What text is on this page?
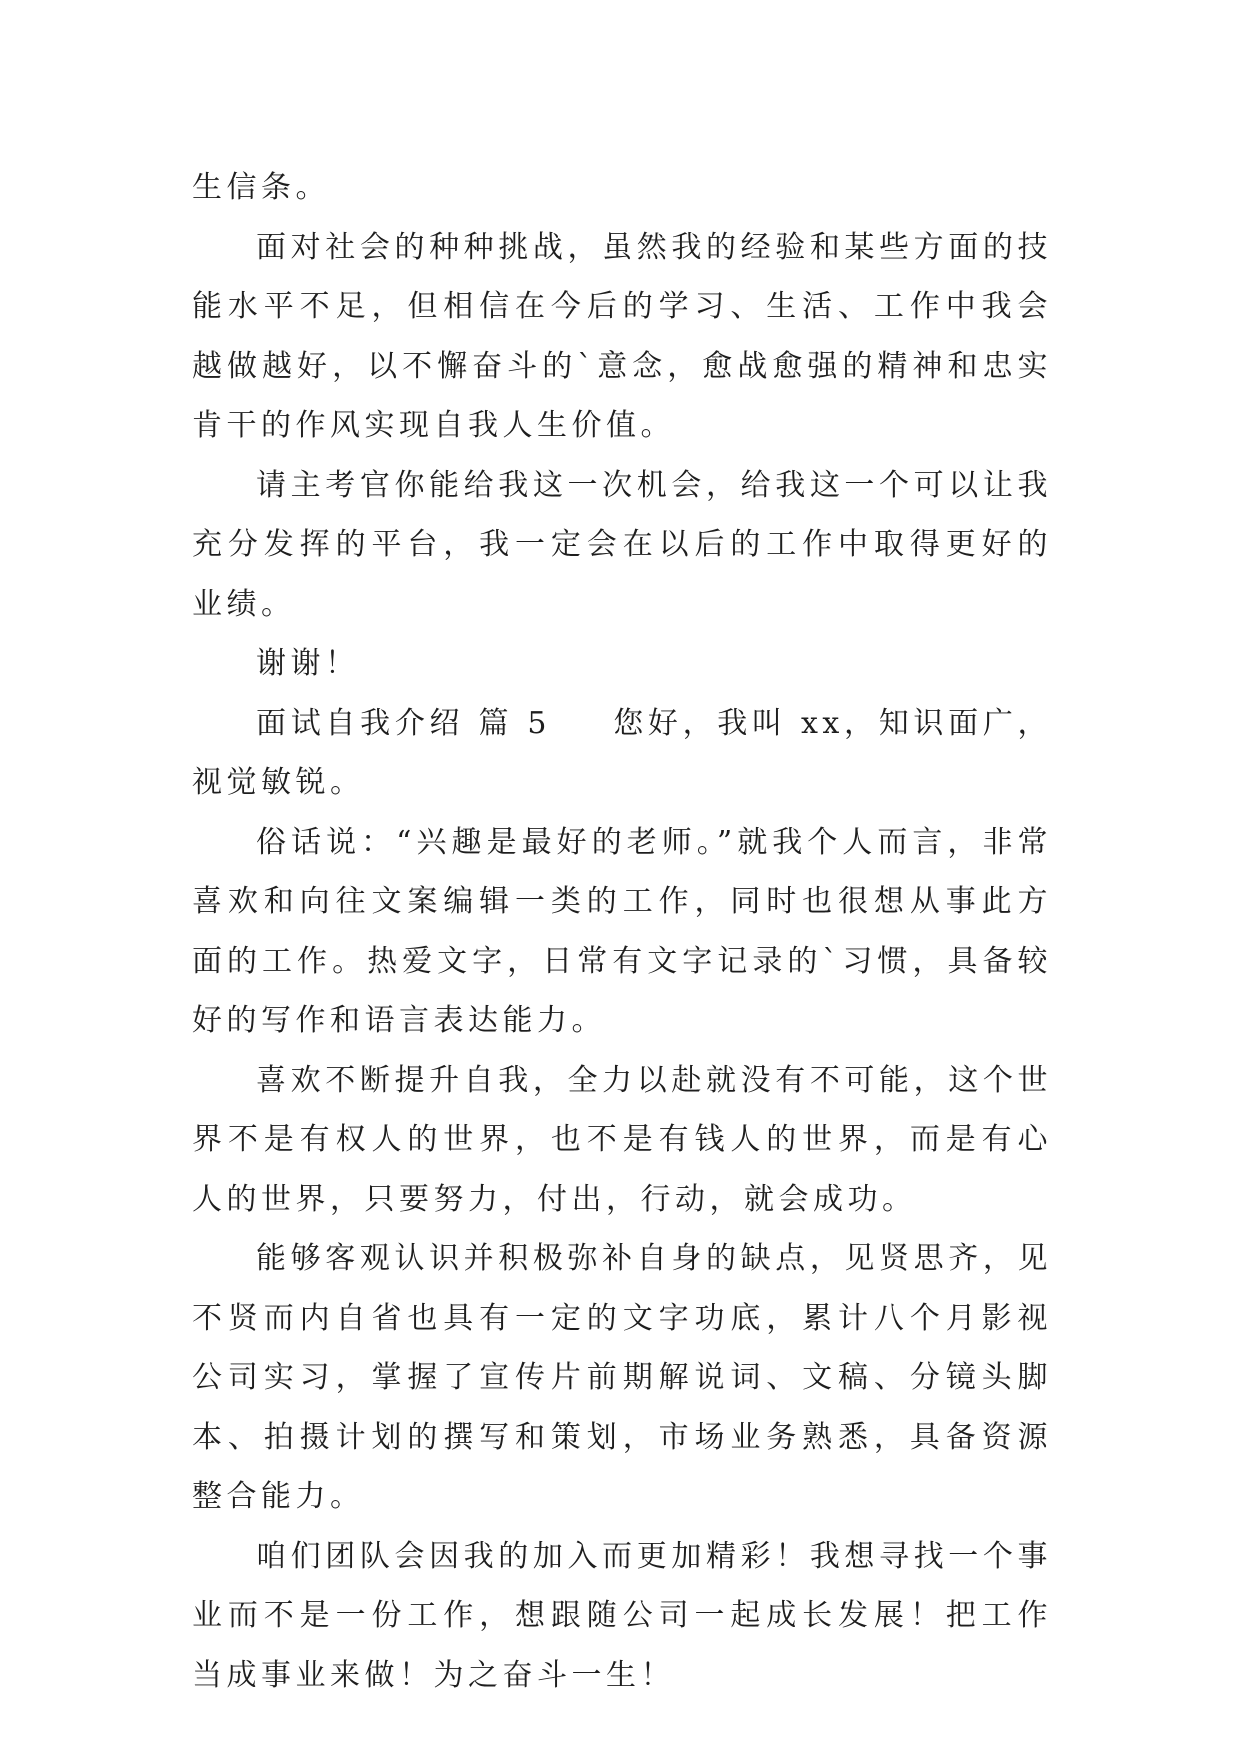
生信条。

面对社会的种种挑战，虽然我的经验和某些方面的技能水平不足，但相信在今后的学习、生活、工作中我会越做越好，以不懈奋斗的`意念，愈战愈强的精神和忠实肯干的作风实现自我人生价值。

请主考官你能给我这一次机会，给我这一个可以让我充分发挥的平台，我一定会在以后的工作中取得更好的业绩。

谢谢！

面试自我介绍 篇 5 您好，我叫 xx，知识面广，视觉敏锐。

俗话说：“兴趣是最好的老师。”就我个人而言，非常喜欢和向往文案编辑一类的工作，同时也很想从事此方面的工作。热爱文字，日常有文字记录的`习惯，具备较好的写作和语言表达能力。

喜欢不断提升自我，全力以赴就没有不可能，这个世界不是有权人的世界，也不是有钱人的世界，而是有心人的世界，只要努力，付出，行动，就会成功。

能够客观认识并积极弥补自身的缺点，见贤思齐，见不贤而内自省也具有一定的文字功底，累计八个月影视公司实习，掌握了宣传片前期解说词、文稿、分镜头脚本、拍摄计划的撰写和策划，市场业务熟悉，具备资源整合能力。

咱们团队会因我的加入而更加精彩！我想寻找一个事业而不是一份工作，想跟随公司一起成长发展！把工作当成事业来做！为之奋斗一生！
